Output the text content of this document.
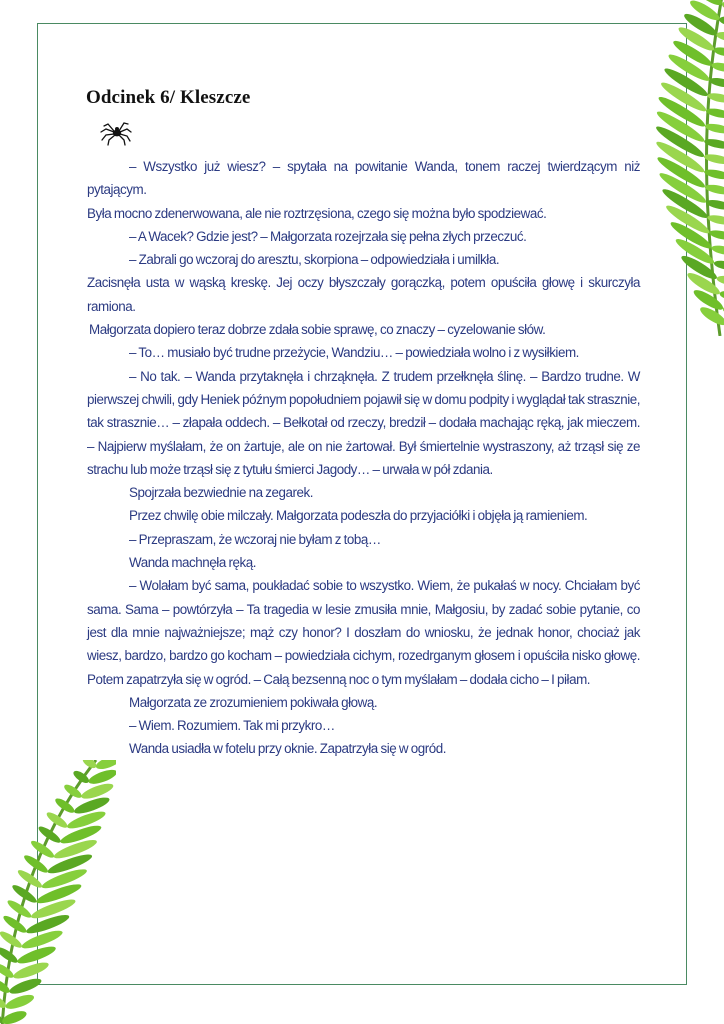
Odcinek 6/ Kleszcze

– Wszystko już wiesz? – spytała na powitanie Wanda, tonem raczej twierdzącym niż pytającym.

Była mocno zdenerwowana, ale nie roztrzęsiona, czego się można było spodziewać.

– A Wacek? Gdzie jest? – Małgorzata rozejrzała się pełna złych przeczuć.

– Zabrali go wczoraj do aresztu, skorpiona – odpowiedziała i umilkła.

Zacisnęła usta w wąską kreskę. Jej oczy błyszczały gorączką, potem opuściła głowę i skurczyła ramiona.

Małgorzata dopiero teraz dobrze zdała sobie sprawę, co znaczy – cyzelowanie słów.

– To… musiało być trudne przeżycie, Wandziu… – powiedziała wolno i z wysiłkiem.

– No tak. – Wanda przytaknęła i chrząknęła. Z trudem przełknęła ślinę. – Bardzo trudne. W pierwszej chwili, gdy Heniek późnym popołudniem pojawił się w domu podpity i wyglądał tak strasznie, tak strasznie… – złapała oddech. – Bełkotał od rzeczy, bredził – dodała machając ręką, jak mieczem. – Najpierw myślałam, że on żartuje, ale on nie żartował. Był śmiertelnie wystraszony, aż trząsł się ze strachu lub może trząsł się z tytułu śmierci Jagody… – urwała w pół zdania.

Spojrzała bezwiednie na zegarek.

Przez chwilę obie milczały. Małgorzata podeszła do przyjaciółki i objęła ją ramieniem.

– Przepraszam, że wczoraj nie byłam z tobą…

Wanda machnęła ręką.

– Wolałam być sama, poukładać sobie to wszystko. Wiem, że pukałaś w nocy. Chciałam być sama. Sama – powtórzyła – Ta tragedia w lesie zmusiła mnie, Małgosiu, by zadać sobie pytanie, co jest dla mnie najważniejsze; mąż czy honor? I doszłam do wniosku, że jednak honor, chociaż jak wiesz, bardzo, bardzo go kocham – powiedziała cichym, rozedrganym głosem i opuściła nisko głowę. Potem zapatrzyła się w ogród. – Całą bezsenną noc o tym myślałam – dodała cicho – I piłam.

Małgorzata ze zrozumieniem pokiwała głową.

– Wiem. Rozumiem. Tak mi przykro…

Wanda usiadła w fotelu przy oknie. Zapatrzyła się w ogród.
